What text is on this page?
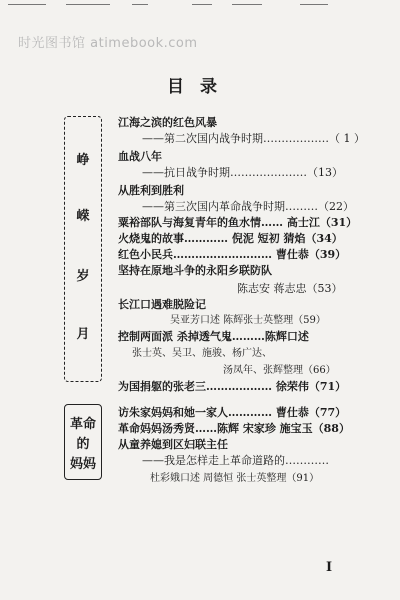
时光图书馆 atimebook.com
目录
峥
嵘
岁
月
革命
的
妈妈
江海之滨的红色风暴
——第二次国内战争时期………………（ 1 ）
血战八年
——抗日战争时期…………………（13）
从胜利到胜利
——第三次国内革命战争时期………（22）
粟裕部队与海复青年的鱼水情…… 高士江（31）
火烧鬼的故事………… 倪泥 短初 猜焰（34）
红色小民兵……………………… 曹仕恭（39）
坚持在原地斗争的永阳乡联防队
陈志安 蒋志忠（53）
长江口遇难脱险记
吴亚芳口述 陈辉张士英整理（59）
控制两面派 杀掉透气鬼………陈辉口述
张士英、吴卫、施骏、杨广达、
汤凤年、张辉整理（66）
为国捐躯的张老三……………… 徐荣伟（71）
访朱家妈妈和她一家人………… 曹仕恭（77）
革命妈妈汤秀贤……陈辉 宋家珍 施宝玉（88）
从童养媳到区妇联主任
——我是怎样走上革命道路的…………
杜彩娥口述 周德恒 张士英整理（91）
I
